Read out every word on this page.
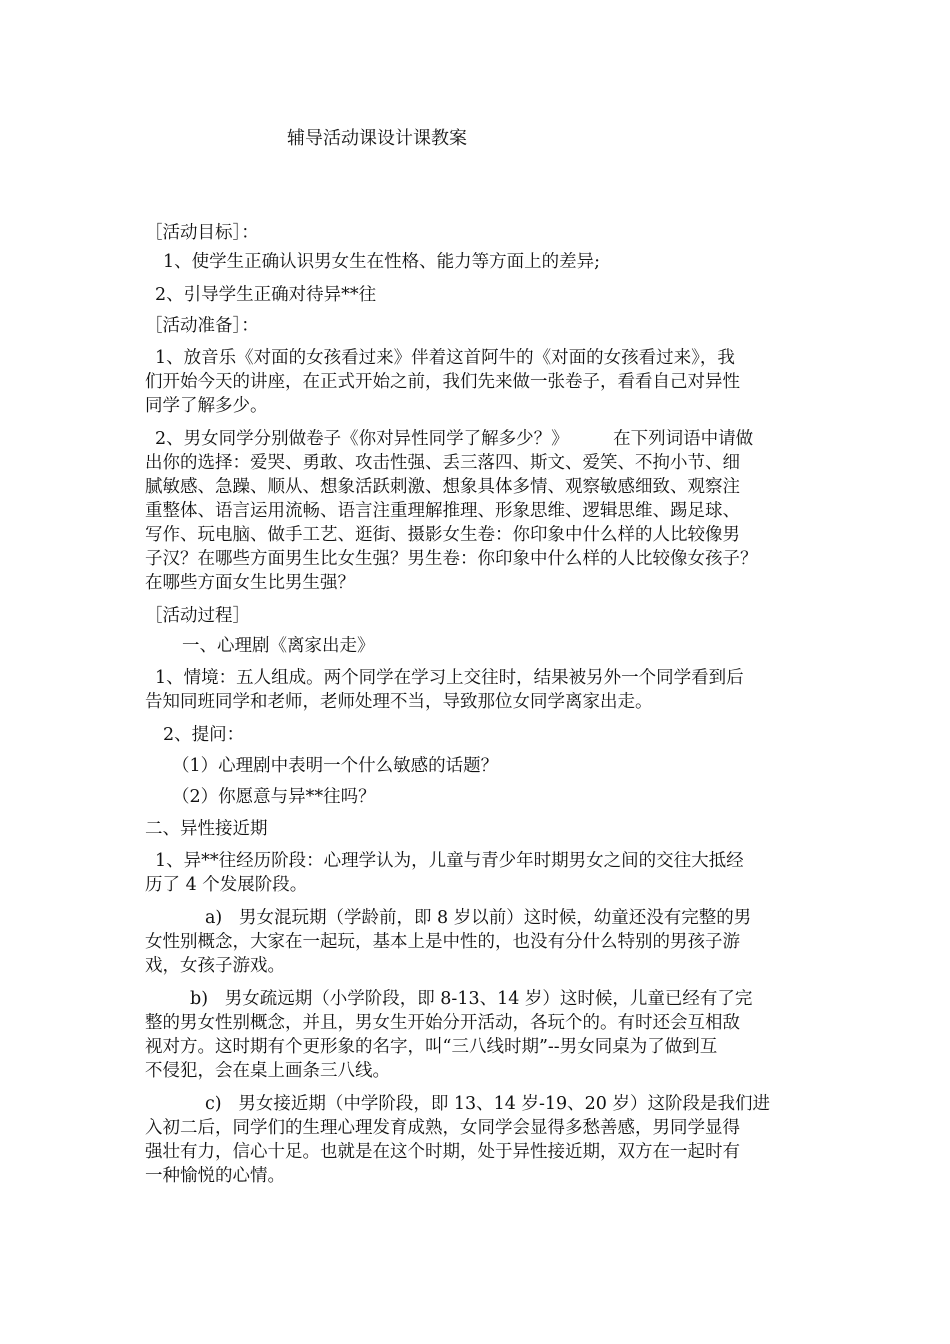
辅导活动课设计课教案
［活动目标］：
1、使学生正确认识男女生在性格、能力等方面上的差异;
2、引导学生正确对待异**往
［活动准备］：
1、放音乐《对面的女孩看过来》伴着这首阿牛的《对面的女孩看过来》，我
们开始今天的讲座，在正式开始之前，我们先来做一张卷子，看看自己对异性
同学了解多少。
2、男女同学分别做卷子《你对异性同学了解多少？》        在下列词语中请做
出你的选择：爱哭、勇敢、攻击性强、丢三落四、斯文、爱笑、不拘小节、细
腻敏感、急躁、顺从、想象活跃刺激、想象具体多情、观察敏感细致、观察注
重整体、语言运用流畅、语言注重理解推理、形象思维、逻辑思维、踢足球、
写作、玩电脑、做手工艺、逛街、摄影女生卷：你印象中什么样的人比较像男
子汉？在哪些方面男生比女生强？男生卷：你印象中什么样的人比较像女孩子？
在哪些方面女生比男生强？
［活动过程］
一、心理剧《离家出走》
1、情境：五人组成。两个同学在学习上交往时，结果被另外一个同学看到后
告知同班同学和老师，老师处理不当，导致那位女同学离家出走。
2、提问：
（1）心理剧中表明一个什么敏感的话题？
（2）你愿意与异**往吗？
二、异性接近期
1、异**往经历阶段：心理学认为，儿童与青少年时期男女之间的交往大抵经
历了 4 个发展阶段。
a)   男女混玩期（学龄前，即 8 岁以前）这时候，幼童还没有完整的男
女性别概念，大家在一起玩，基本上是中性的，也没有分什么特别的男孩子游
戏，女孩子游戏。
b)   男女疏远期（小学阶段，即 8-13、14 岁）这时候，儿童已经有了完
整的男女性别概念，并且，男女生开始分开活动，各玩个的。有时还会互相敌
视对方。这时期有个更形象的名字，叫“三八线时期”--男女同桌为了做到互
不侵犯，会在桌上画条三八线。
c)   男女接近期（中学阶段，即 13、14 岁-19、20 岁）这阶段是我们进
入初二后，同学们的生理心理发育成熟，女同学会显得多愁善感，男同学显得
强壮有力，信心十足。也就是在这个时期，处于异性接近期，双方在一起时有
一种愉悦的心情。
